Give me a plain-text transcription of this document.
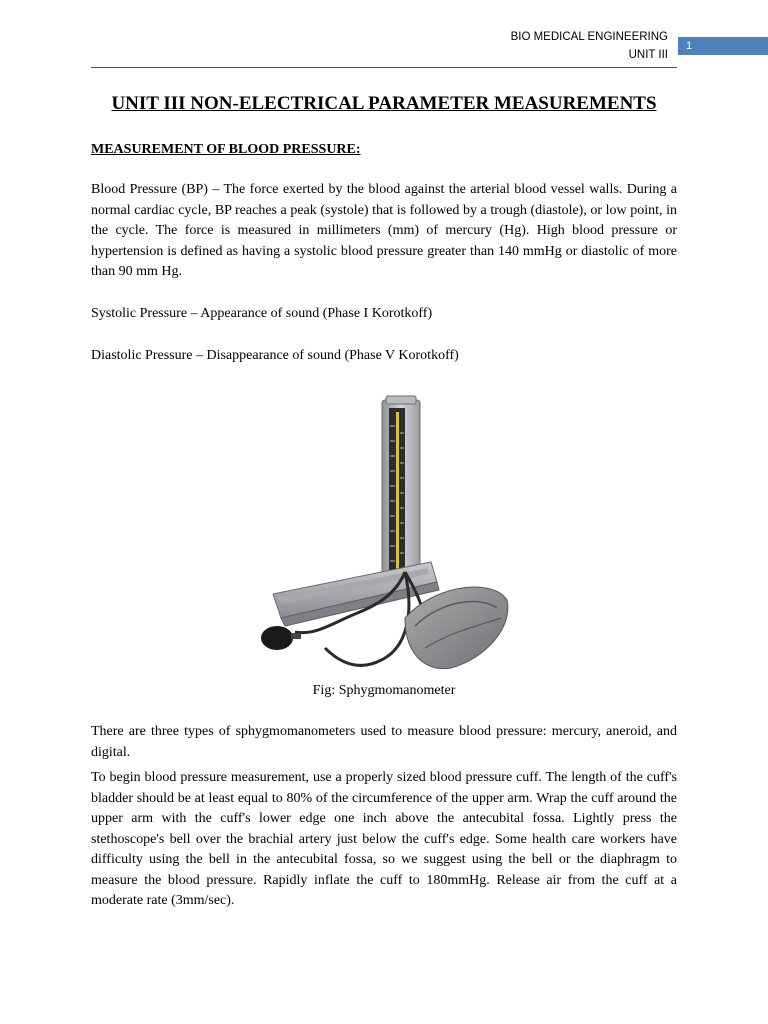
BIO MEDICAL ENGINEERING
UNIT III
1
UNIT III NON-ELECTRICAL PARAMETER MEASUREMENTS
MEASUREMENT OF BLOOD PRESSURE:

Blood Pressure (BP) – The force exerted by the blood against the arterial blood vessel walls. During a normal cardiac cycle, BP reaches a peak (systole) that is followed by a trough (diastole), or low point, in the cycle. The force is measured in millimeters (mm) of mercury (Hg). High blood pressure or hypertension is defined as having a systolic blood pressure greater than 140 mmHg or diastolic of more than 90 mm Hg.

Systolic Pressure – Appearance of sound (Phase I Korotkoff)

Diastolic Pressure – Disappearance of sound (Phase V Korotkoff)

Fig: Sphygmomanometer

There are three types of sphygmomanometers used to measure blood pressure: mercury, aneroid, and digital.

To begin blood pressure measurement, use a properly sized blood pressure cuff. The length of the cuff's bladder should be at least equal to 80% of the circumference of the upper arm. Wrap the cuff around the upper arm with the cuff's lower edge one inch above the antecubital fossa. Lightly press the stethoscope's bell over the brachial artery just below the cuff's edge. Some health care workers have difficulty using the bell in the antecubital fossa, so we suggest using the bell or the diaphragm to measure the blood pressure. Rapidly inflate the cuff to 180mmHg. Release air from the cuff at a moderate rate (3mm/sec).
